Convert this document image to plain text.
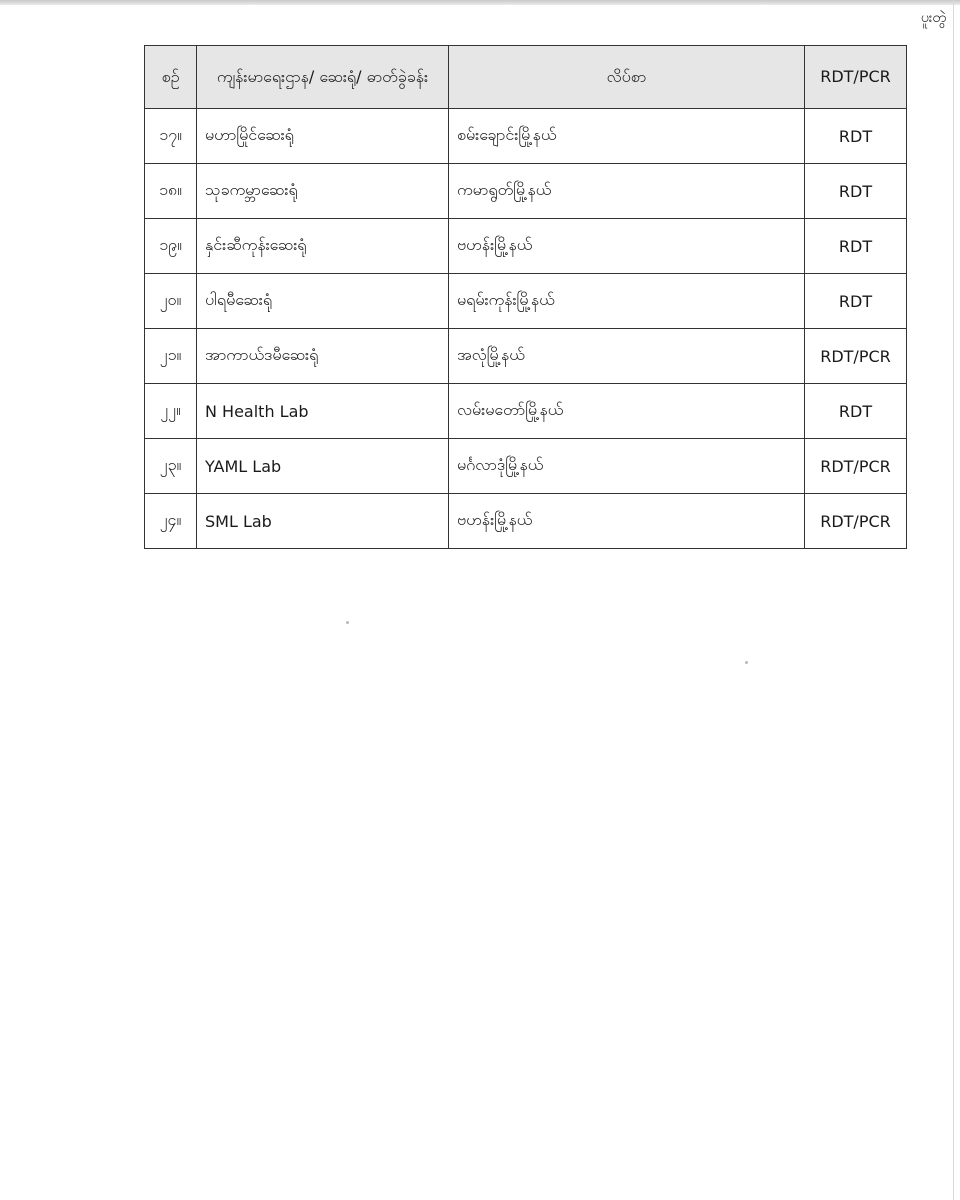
ပူးတွဲ
စဉ်	ကျန်းမာရေးဌာန/ ဆေးရုံ/ ဓာတ်ခွဲခန်း	လိပ်စာ	RDT/PCR
၁၇။	မဟာမြိုင်ဆေးရုံ	စမ်းချောင်းမြို့နယ်	RDT
၁၈။	သုခကမ္ဘာဆေးရုံ	ကမာရွတ်မြို့နယ်	RDT
၁၉။	နှင်းဆီကုန်းဆေးရုံ	ဗဟန်းမြို့နယ်	RDT
၂၀။	ပါရမီဆေးရုံ	မရမ်းကုန်းမြို့နယ်	RDT
၂၁။	အာကာယ်ဒမီဆေးရုံ	အလုံမြို့နယ်	RDT/PCR
၂၂။	N Health Lab	လမ်းမတော်မြို့နယ်	RDT
၂၃။	YAML Lab	မင်္ဂလာဒုံမြို့နယ်	RDT/PCR
၂၄။	SML Lab	ဗဟန်းမြို့နယ်	RDT/PCR
